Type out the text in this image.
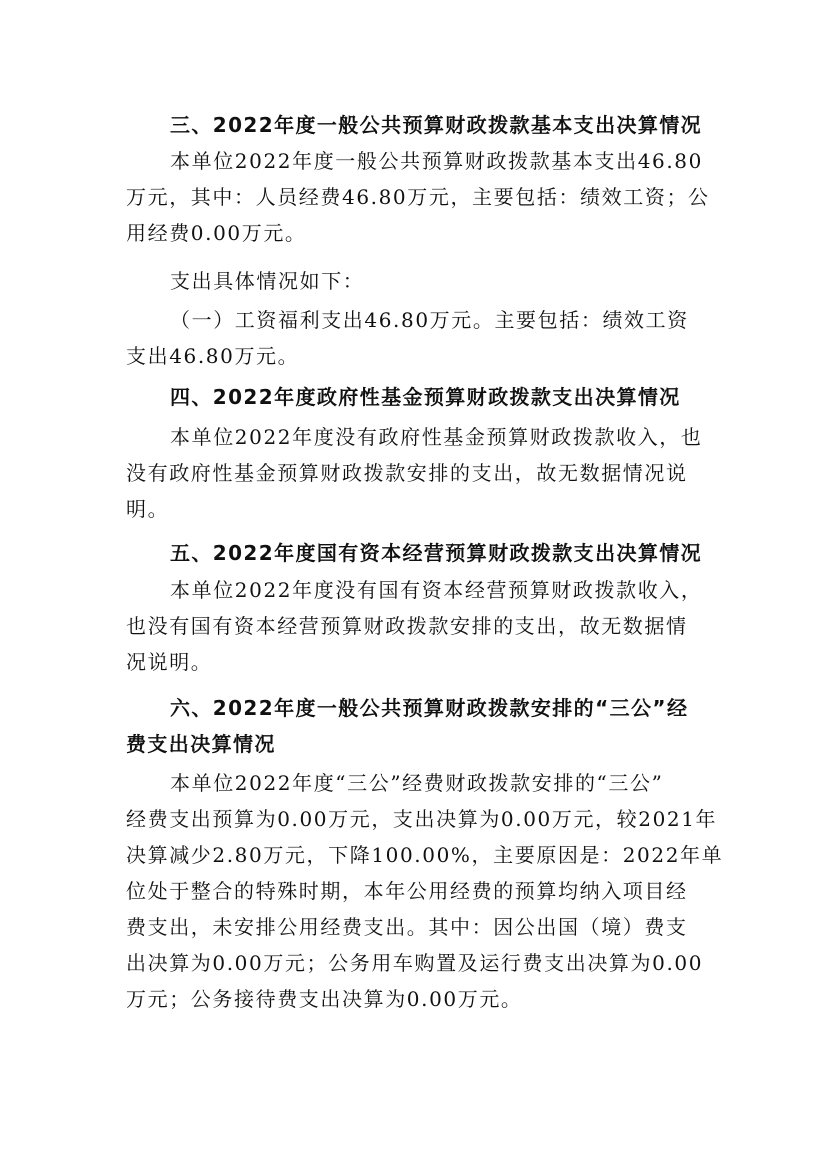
三、2022年度一般公共预算财政拨款基本支出决算情况
本单位2022年度一般公共预算财政拨款基本支出46.80
万元，其中：人员经费46.80万元，主要包括：绩效工资；公
用经费0.00万元。
支出具体情况如下：
（一）工资福利支出46.80万元。主要包括：绩效工资
支出46.80万元。
四、2022年度政府性基金预算财政拨款支出决算情况
本单位2022年度没有政府性基金预算财政拨款收入，也
没有政府性基金预算财政拨款安排的支出，故无数据情况说
明。
五、2022年度国有资本经营预算财政拨款支出决算情况
本单位2022年度没有国有资本经营预算财政拨款收入，
也没有国有资本经营预算财政拨款安排的支出，故无数据情
况说明。
六、2022年度一般公共预算财政拨款安排的“三公”经
费支出决算情况
本单位2022年度“三公”经费财政拨款安排的“三公”
经费支出预算为0.00万元，支出决算为0.00万元，较2021年
决算减少2.80万元，下降100.00%，主要原因是：2022年单
位处于整合的特殊时期，本年公用经费的预算均纳入项目经
费支出，未安排公用经费支出。其中：因公出国（境）费支
出决算为0.00万元；公务用车购置及运行费支出决算为0.00
万元；公务接待费支出决算为0.00万元。
